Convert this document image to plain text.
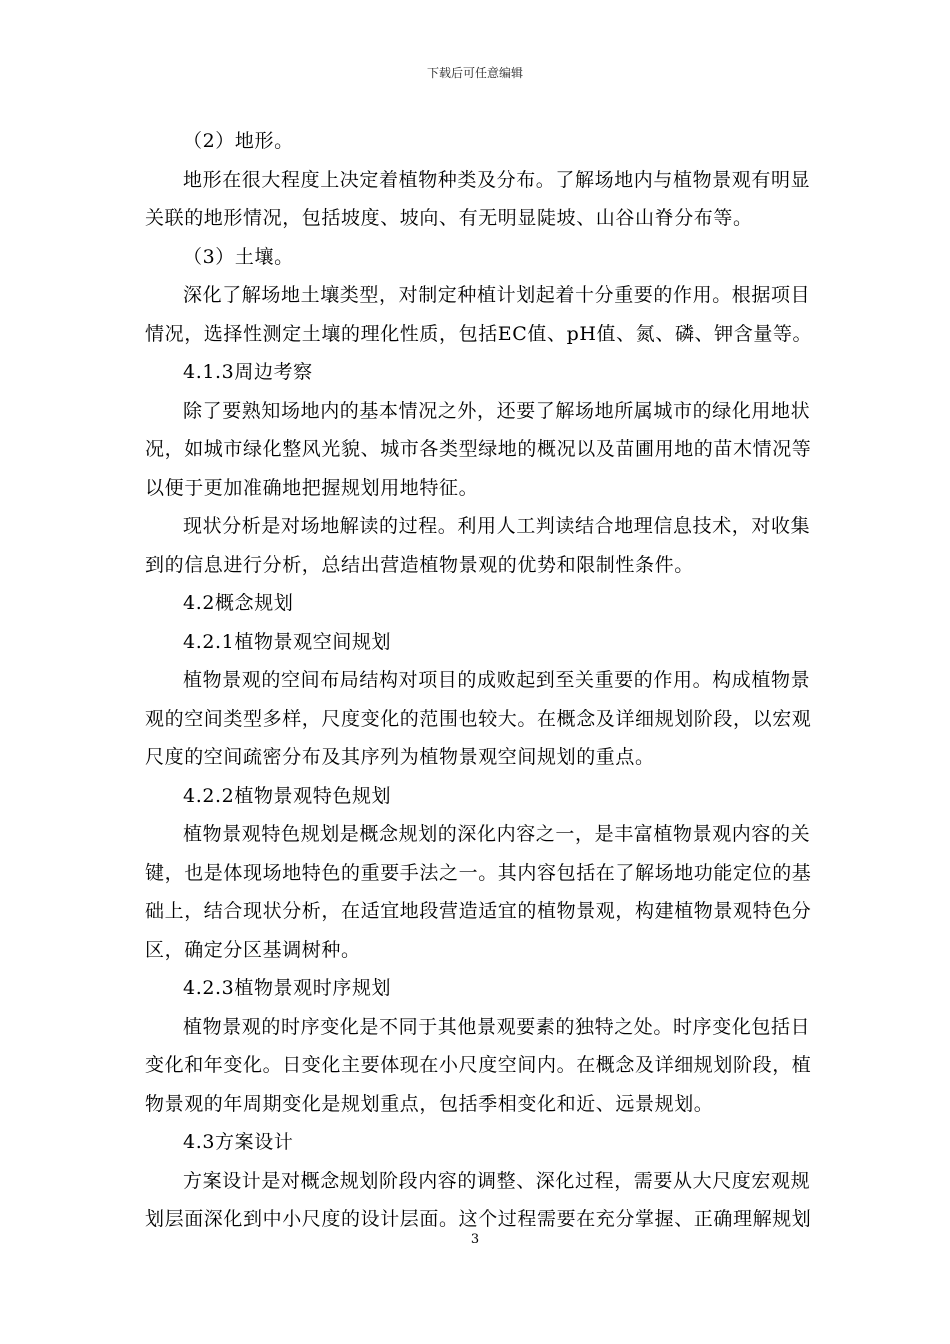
下载后可任意编辑
（2）地形。
地形在很大程度上决定着植物种类及分布。了解场地内与植物景观有明显
关联的地形情况，包括坡度、坡向、有无明显陡坡、山谷山脊分布等。
（3）土壤。
深化了解场地土壤类型，对制定种植计划起着十分重要的作用。根据项目
情况，选择性测定土壤的理化性质，包括EC值、pH值、氮、磷、钾含量等。
4.1.3周边考察
除了要熟知场地内的基本情况之外，还要了解场地所属城市的绿化用地状
况，如城市绿化整风光貌、城市各类型绿地的概况以及苗圃用地的苗木情况等
以便于更加准确地把握规划用地特征。
现状分析是对场地解读的过程。利用人工判读结合地理信息技术，对收集
到的信息进行分析，总结出营造植物景观的优势和限制性条件。
4.2概念规划
4.2.1植物景观空间规划
植物景观的空间布局结构对项目的成败起到至关重要的作用。构成植物景
观的空间类型多样，尺度变化的范围也较大。在概念及详细规划阶段，以宏观
尺度的空间疏密分布及其序列为植物景观空间规划的重点。
4.2.2植物景观特色规划
植物景观特色规划是概念规划的深化内容之一，是丰富植物景观内容的关
键，也是体现场地特色的重要手法之一。其内容包括在了解场地功能定位的基
础上，结合现状分析，在适宜地段营造适宜的植物景观，构建植物景观特色分
区，确定分区基调树种。
4.2.3植物景观时序规划
植物景观的时序变化是不同于其他景观要素的独特之处。时序变化包括日
变化和年变化。日变化主要体现在小尺度空间内。在概念及详细规划阶段，植
物景观的年周期变化是规划重点，包括季相变化和近、远景规划。
4.3方案设计
方案设计是对概念规划阶段内容的调整、深化过程，需要从大尺度宏观规
划层面深化到中小尺度的设计层面。这个过程需要在充分掌握、正确理解规划
3
